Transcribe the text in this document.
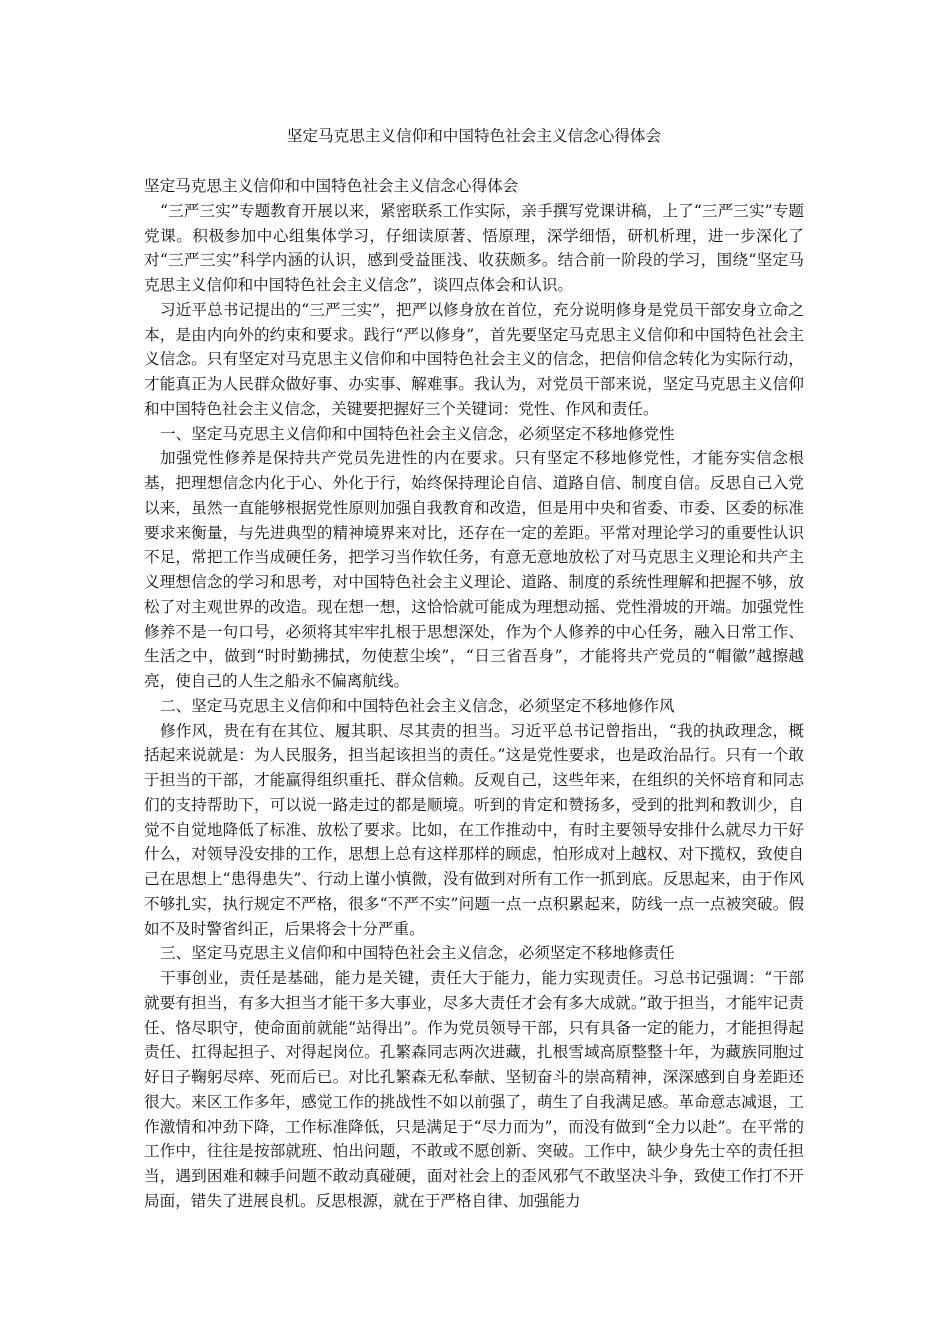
坚定马克思主义信仰和中国特色社会主义信念心得体会

坚定马克思主义信仰和中国特色社会主义信念心得体会

“三严三实”专题教育开展以来，紧密联系工作实际，亲手撰写党课讲稿，上了“三严三实”专题党课。积极参加中心组集体学习，仔细读原著、悟原理，深学细悟，研机析理，进一步深化了对“三严三实”科学内涵的认识，感到受益匪浅、收获颇多。结合前一阶段的学习，围绕“坚定马克思主义信仰和中国特色社会主义信念”，谈四点体会和认识。

习近平总书记提出的“三严三实”，把严以修身放在首位，充分说明修身是党员干部安身立命之本，是由内向外的约束和要求。践行“严以修身”，首先要坚定马克思主义信仰和中国特色社会主义信念。只有坚定对马克思主义信仰和中国特色社会主义的信念，把信仰信念转化为实际行动，才能真正为人民群众做好事、办实事、解难事。我认为，对党员干部来说，坚定马克思主义信仰和中国特色社会主义信念，关键要把握好三个关键词：党性、作风和责任。

一、坚定马克思主义信仰和中国特色社会主义信念，必须坚定不移地修党性

加强党性修养是保持共产党员先进性的内在要求。只有坚定不移地修党性，才能夯实信念根基，把理想信念内化于心、外化于行，始终保持理论自信、道路自信、制度自信。反思自己入党以来，虽然一直能够根据党性原则加强自我教育和改造，但是用中央和省委、市委、区委的标准要求来衡量，与先进典型的精神境界来对比，还存在一定的差距。平常对理论学习的重要性认识不足，常把工作当成硬任务，把学习当作软任务，有意无意地放松了对马克思主义理论和共产主义理想信念的学习和思考，对中国特色社会主义理论、道路、制度的系统性理解和把握不够，放松了对主观世界的改造。现在想一想，这恰恰就可能成为理想动摇、党性滑坡的开端。加强党性修养不是一句口号，必须将其牢牢扎根于思想深处，作为个人修养的中心任务，融入日常工作、生活之中，做到“时时勤拂拭，勿使惹尘埃”，“日三省吾身”，才能将共产党员的“帽徽”越擦越亮，使自己的人生之船永不偏离航线。

二、坚定马克思主义信仰和中国特色社会主义信念，必须坚定不移地修作风

修作风，贵在有在其位、履其职、尽其责的担当。习近平总书记曾指出，“我的执政理念，概括起来说就是：为人民服务，担当起该担当的责任。”这是党性要求，也是政治品行。只有一个敢于担当的干部，才能赢得组织重托、群众信赖。反观自己，这些年来，在组织的关怀培育和同志们的支持帮助下，可以说一路走过的都是顺境。听到的肯定和赞扬多，受到的批判和教训少，自觉不自觉地降低了标准、放松了要求。比如，在工作推动中，有时主要领导安排什么就尽力干好什么，对领导没安排的工作，思想上总有这样那样的顾虑，怕形成对上越权、对下揽权，致使自己在思想上“患得患失”、行动上谨小慎微，没有做到对所有工作一抓到底。反思起来，由于作风不够扎实，执行规定不严格，很多“不严不实”问题一点一点积累起来，防线一点一点被突破。假如不及时警省纠正，后果将会十分严重。

三、坚定马克思主义信仰和中国特色社会主义信念，必须坚定不移地修责任

干事创业，责任是基础，能力是关键，责任大于能力，能力实现责任。习总书记强调：“干部就要有担当，有多大担当才能干多大事业，尽多大责任才会有多大成就。”敢于担当，才能牢记责任、恪尽职守，使命面前就能“站得出”。作为党员领导干部，只有具备一定的能力，才能担得起责任、扛得起担子、对得起岗位。孔繁森同志两次进藏，扎根雪域高原整整十年，为藏族同胞过好日子鞠躬尽瘁、死而后已。对比孔繁森无私奉献、坚韧奋斗的崇高精神，深深感到自身差距还很大。来区工作多年，感觉工作的挑战性不如以前强了，萌生了自我满足感。革命意志减退，工作激情和冲劲下降，工作标准降低，只是满足于“尽力而为”，而没有做到“全力以赴”。在平常的工作中，往往是按部就班、怕出问题，不敢或不愿创新、突破。工作中，缺少身先士卒的责任担当，遇到困难和棘手问题不敢动真碰硬，面对社会上的歪风邪气不敢坚决斗争，致使工作打不开局面，错失了进展良机。反思根源，就在于严格自律、加强能力
